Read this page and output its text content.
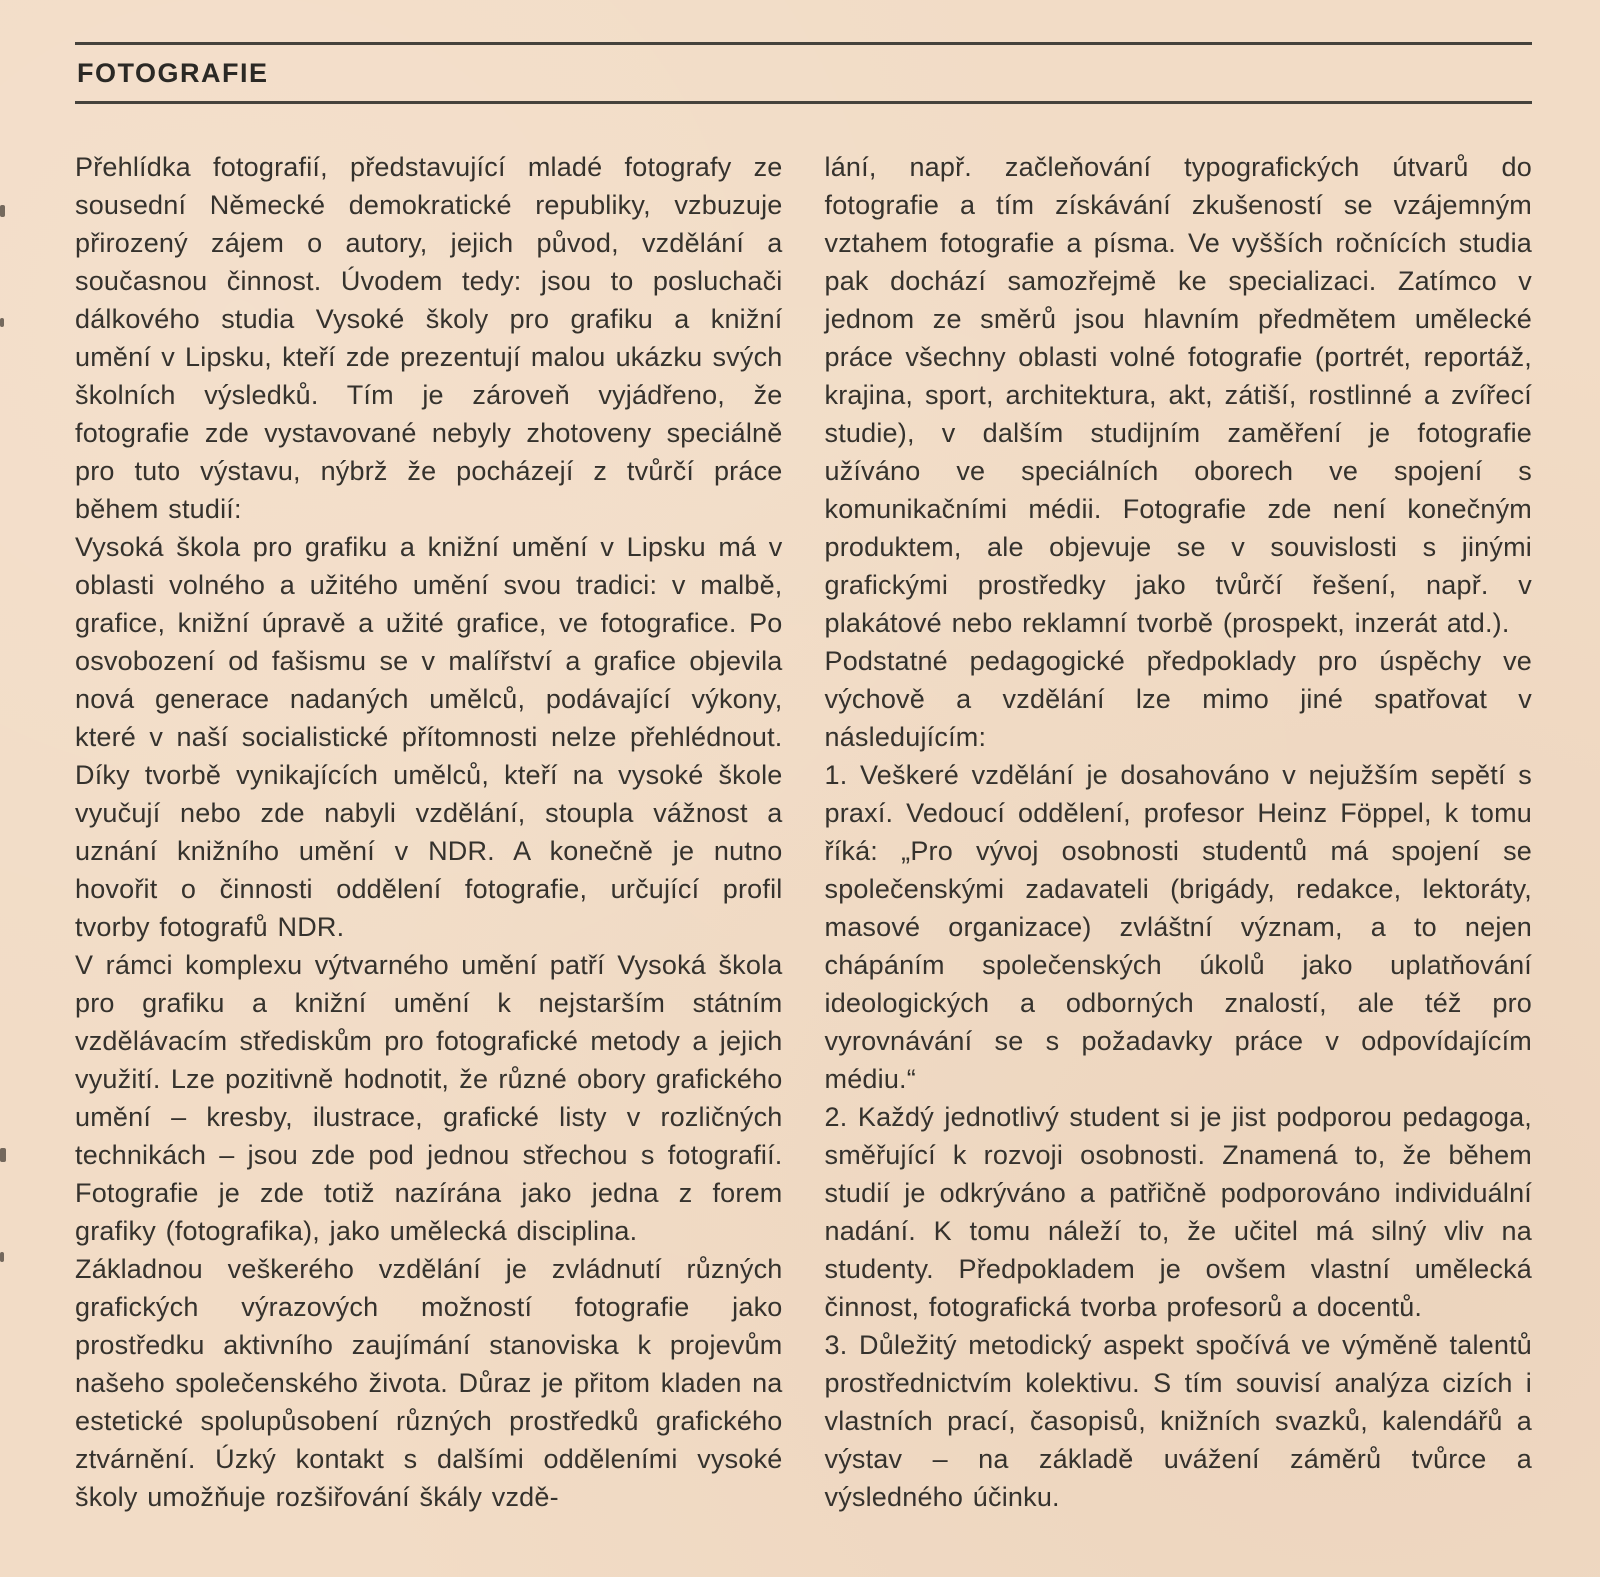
FOTOGRAFIE

Přehlídka fotografií, představující mladé fotografy ze sousední Německé demokratické republiky, vzbuzuje přirozený zájem o autory, jejich původ, vzdělání a současnou činnost. Úvodem tedy: jsou to posluchači dálkového studia Vysoké školy pro grafiku a knižní umění v Lipsku, kteří zde prezentují malou ukázku svých školních výsledků. Tím je zároveň vyjádřeno, že fotografie zde vystavované nebyly zhotoveny speciálně pro tuto výstavu, nýbrž že pocházejí z tvůrčí práce během studií:

Vysoká škola pro grafiku a knižní umění v Lipsku má v oblasti volného a užitého umění svou tradici: v malbě, grafice, knižní úpravě a užité grafice, ve fotografice. Po osvobození od fašismu se v malířství a grafice objevila nová generace nadaných umělců, podávající výkony, které v naší socialistické přítomnosti nelze přehlédnout. Díky tvorbě vynikajících umělců, kteří na vysoké škole vyučují nebo zde nabyli vzdělání, stoupla vážnost a uznání knižního umění v NDR. A konečně je nutno hovořit o činnosti oddělení fotografie, určující profil tvorby fotografů NDR.

V rámci komplexu výtvarného umění patří Vysoká škola pro grafiku a knižní umění k nejstarším státním vzdělávacím střediskům pro fotografické metody a jejich využití. Lze pozitivně hodnotit, že různé obory grafického umění – kresby, ilustrace, grafické listy v rozličných technikách – jsou zde pod jednou střechou s fotografií. Fotografie je zde totiž nazírána jako jedna z forem grafiky (fotografika), jako umělecká disciplina.

Základnou veškerého vzdělání je zvládnutí různých grafických výrazových možností fotografie jako prostředku aktivního zaujímání stanoviska k projevům našeho společenského života. Důraz je přitom kladen na estetické spolupůsobení různých prostředků grafického ztvárnění. Úzký kontakt s dalšími odděleními vysoké školy umožňuje rozšiřování škály vzdě-

lání, např. začleňování typografických útvarů do fotografie a tím získávání zkušeností se vzájemným vztahem fotografie a písma. Ve vyšších ročnících studia pak dochází samozřejmě ke specializaci. Zatímco v jednom ze směrů jsou hlavním předmětem umělecké práce všechny oblasti volné fotografie (portrét, reportáž, krajina, sport, architektura, akt, zátiší, rostlinné a zvířecí studie), v dalším studijním zaměření je fotografie užíváno ve speciálních oborech ve spojení s komunikačními médii. Fotografie zde není konečným produktem, ale objevuje se v souvislosti s jinými grafickými prostředky jako tvůrčí řešení, např. v plakátové nebo reklamní tvorbě (prospekt, inzerát atd.).

Podstatné pedagogické předpoklady pro úspěchy ve výchově a vzdělání lze mimo jiné spatřovat v následujícím:

1. Veškeré vzdělání je dosahováno v nejužším sepětí s praxí. Vedoucí oddělení, profesor Heinz Föppel, k tomu říká: „Pro vývoj osobnosti studentů má spojení se společenskými zadavateli (brigády, redakce, lektoráty, masové organizace) zvláštní význam, a to nejen chápáním společenských úkolů jako uplatňování ideologických a odborných znalostí, ale též pro vyrovnávání se s požadavky práce v odpovídajícím médiu.“

2. Každý jednotlivý student si je jist podporou pedagoga, směřující k rozvoji osobnosti. Znamená to, že během studií je odkrýváno a patřičně podporováno individuální nadání. K tomu náleží to, že učitel má silný vliv na studenty. Předpokladem je ovšem vlastní umělecká činnost, fotografická tvorba profesorů a docentů.

3. Důležitý metodický aspekt spočívá ve výměně talentů prostřednictvím kolektivu. S tím souvisí analýza cizích i vlastních prací, časopisů, knižních svazků, kalendářů a výstav – na základě uvážení záměrů tvůrce a výsledného účinku.
